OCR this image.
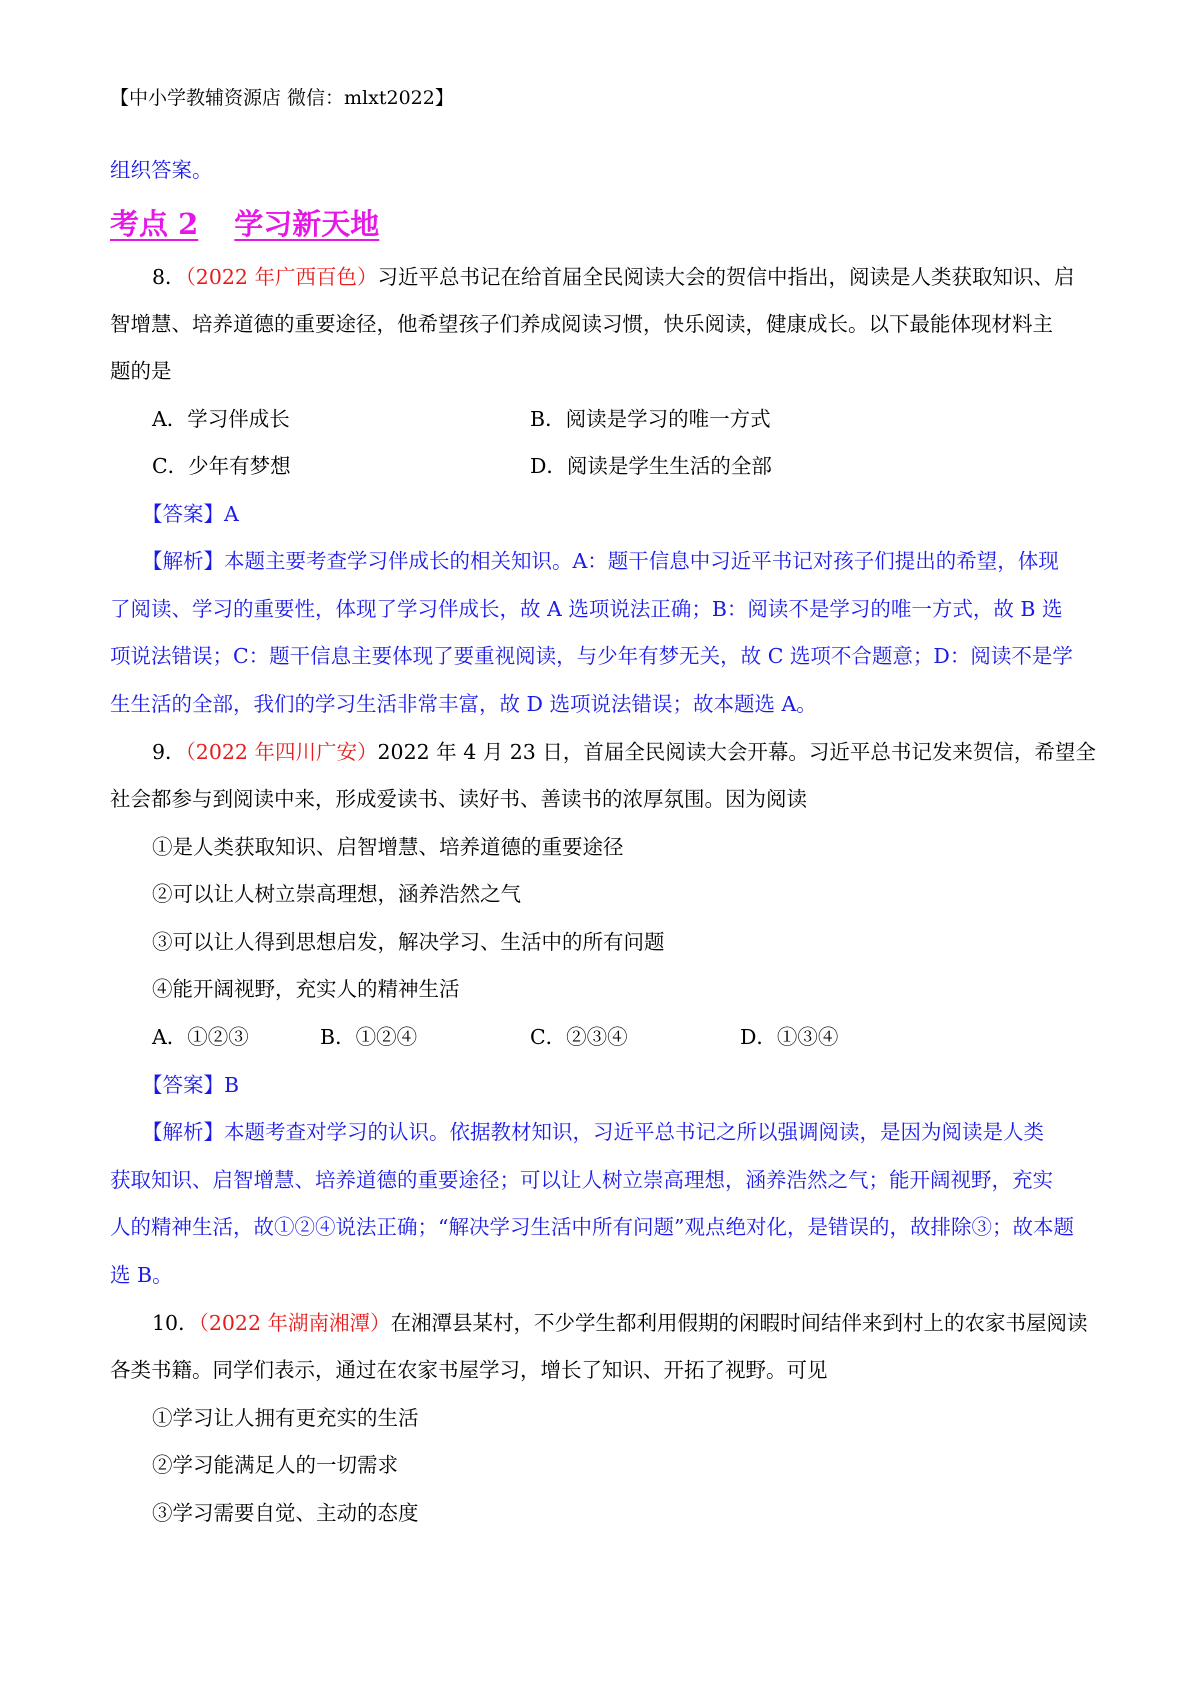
【中小学教辅资源店 微信：mlxt2022】
组织答案。
考点 2 学习新天地
8．（2022 年广西百色）习近平总书记在给首届全民阅读大会的贺信中指出，阅读是人类获取知识、启
智增慧、培养道德的重要途径，他希望孩子们养成阅读习惯，快乐阅读，健康成长。以下最能体现材料主
题的是
A．学习伴成长	B．阅读是学习的唯一方式
C．少年有梦想	D．阅读是学生生活的全部
【答案】A
【解析】本题主要考查学习伴成长的相关知识。A：题干信息中习近平书记对孩子们提出的希望，体现
了阅读、学习的重要性，体现了学习伴成长，故 A 选项说法正确；B：阅读不是学习的唯一方式，故 B 选
项说法错误；C：题干信息主要体现了要重视阅读，与少年有梦无关，故 C 选项不合题意；D：阅读不是学
生生活的全部，我们的学习生活非常丰富，故 D 选项说法错误；故本题选 A。
9．（2022 年四川广安）2022 年 4 月 23 日，首届全民阅读大会开幕。习近平总书记发来贺信，希望全
社会都参与到阅读中来，形成爱读书、读好书、善读书的浓厚氛围。因为阅读
①是人类获取知识、启智增慧、培养道德的重要途径
②可以让人树立崇高理想，涵养浩然之气
③可以让人得到思想启发，解决学习、生活中的所有问题
④能开阔视野，充实人的精神生活
A．①②③	B．①②④	C．②③④	D．①③④
【答案】B
【解析】本题考查对学习的认识。依据教材知识，习近平总书记之所以强调阅读，是因为阅读是人类
获取知识、启智增慧、培养道德的重要途径；可以让人树立崇高理想，涵养浩然之气；能开阔视野，充实
人的精神生活，故①②④说法正确；“解决学习生活中所有问题”观点绝对化，是错误的，故排除③；故本题
选 B。
10．（2022 年湖南湘潭）在湘潭县某村，不少学生都利用假期的闲暇时间结伴来到村上的农家书屋阅读
各类书籍。同学们表示，通过在农家书屋学习，增长了知识、开拓了视野。可见
①学习让人拥有更充实的生活
②学习能满足人的一切需求
③学习需要自觉、主动的态度
